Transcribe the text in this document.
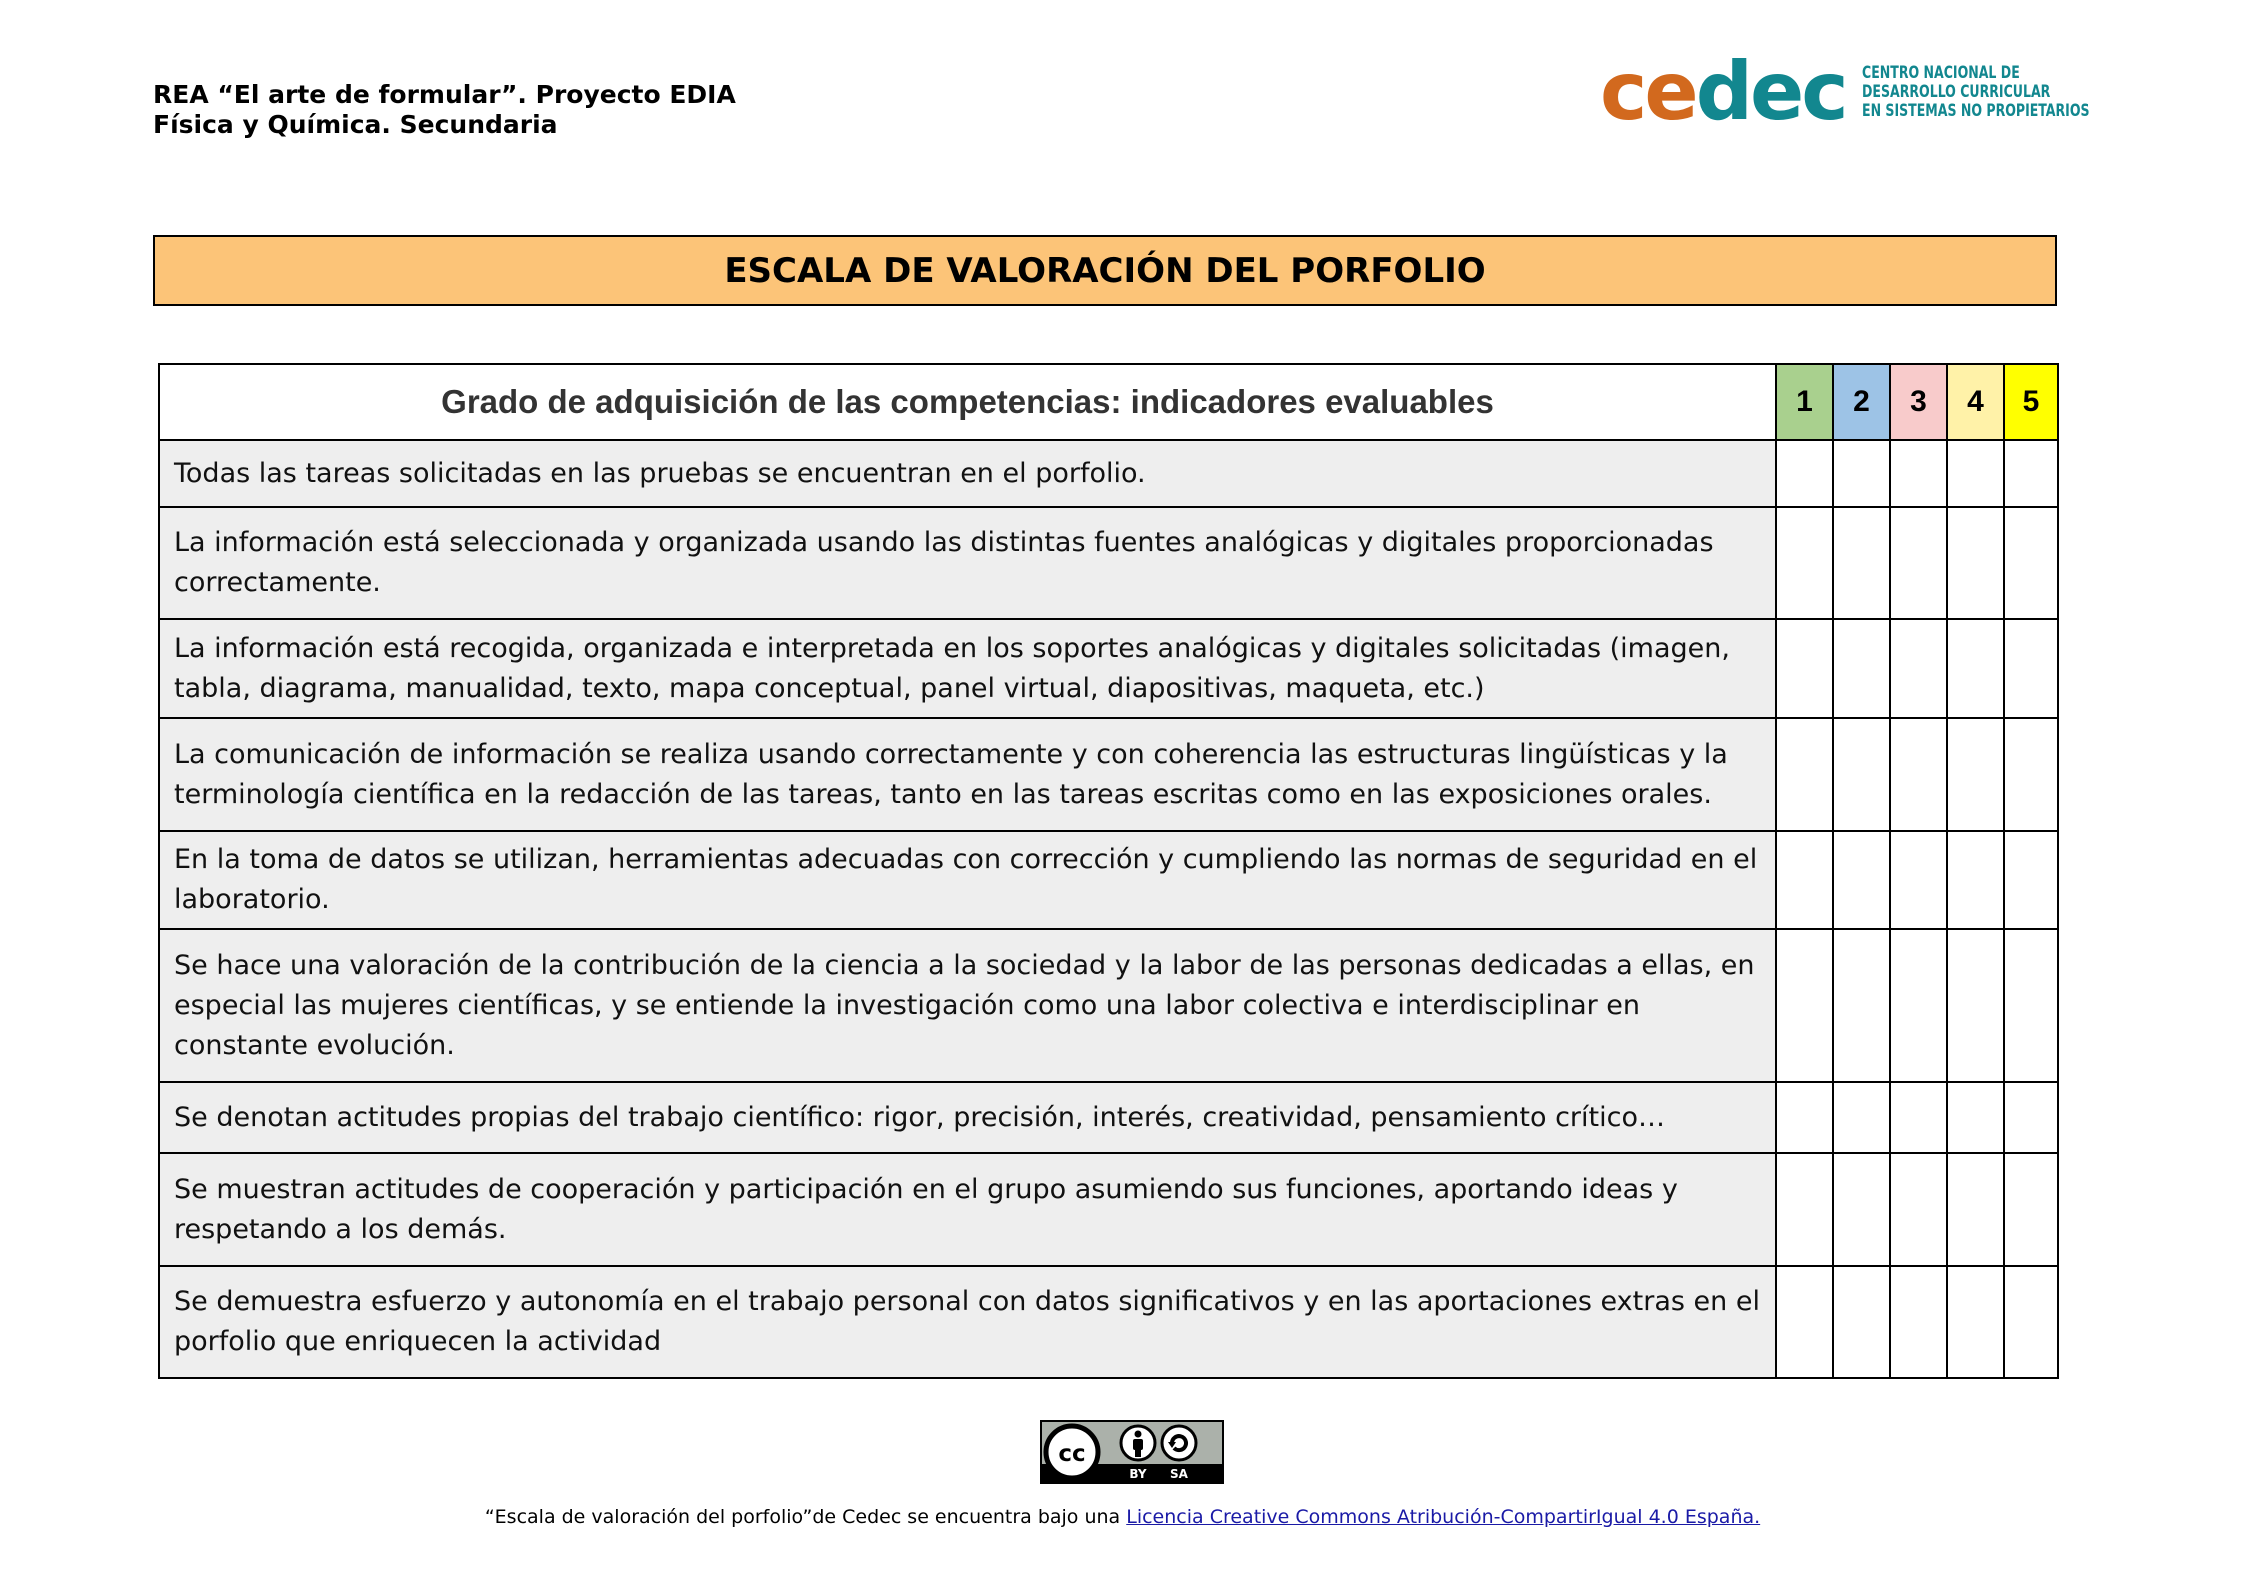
REA “El arte de formular”. Proyecto EDIA
Física y Química. Secundaria	cedec CENTRO NACIONAL DE
DESARROLLO CURRICULAR
EN SISTEMAS NO PROPIETARIOS
ESCALA DE VALORACIÓN DEL PORFOLIO
Grado de adquisición de las competencias: indicadores evaluables	1	2	3	4	5
Todas las tareas solicitadas en las pruebas se encuentran en el porfolio.					
La información está seleccionada y organizada usando las distintas fuentes analógicas y digitales proporcionadas correctamente.					
La información está recogida, organizada e interpretada en los soportes analógicas y digitales solicitadas (imagen, tabla, diagrama, manualidad, texto, mapa conceptual, panel virtual, diapositivas, maqueta, etc.)					
La comunicación de información se realiza usando correctamente y con coherencia las estructuras lingüísticas y la terminología científica en la redacción de las tareas, tanto en las tareas escritas como en las exposiciones orales.					
En la toma de datos se utilizan, herramientas adecuadas con corrección y cumpliendo las normas de seguridad en el laboratorio.					
Se hace una valoración de la contribución de la ciencia a la sociedad y la labor de las personas dedicadas a ellas, en especial las mujeres científicas, y se entiende la investigación como una labor colectiva e interdisciplinar en constante evolución.					
Se denotan actitudes propias del trabajo científico: rigor, precisión, interés, creatividad, pensamiento crítico…					
Se muestran actitudes de cooperación y participación en el grupo asumiendo sus funciones, aportando ideas y respetando a los demás.					
Se demuestra esfuerzo y autonomía en el trabajo personal con datos significativos y en las aportaciones extras en el porfolio que enriquecen la actividad					
cc
BY SA
“Escala de valoración del porfolio”de Cedec se encuentra bajo una Licencia Creative Commons Atribución-CompartirIgual 4.0 España.
